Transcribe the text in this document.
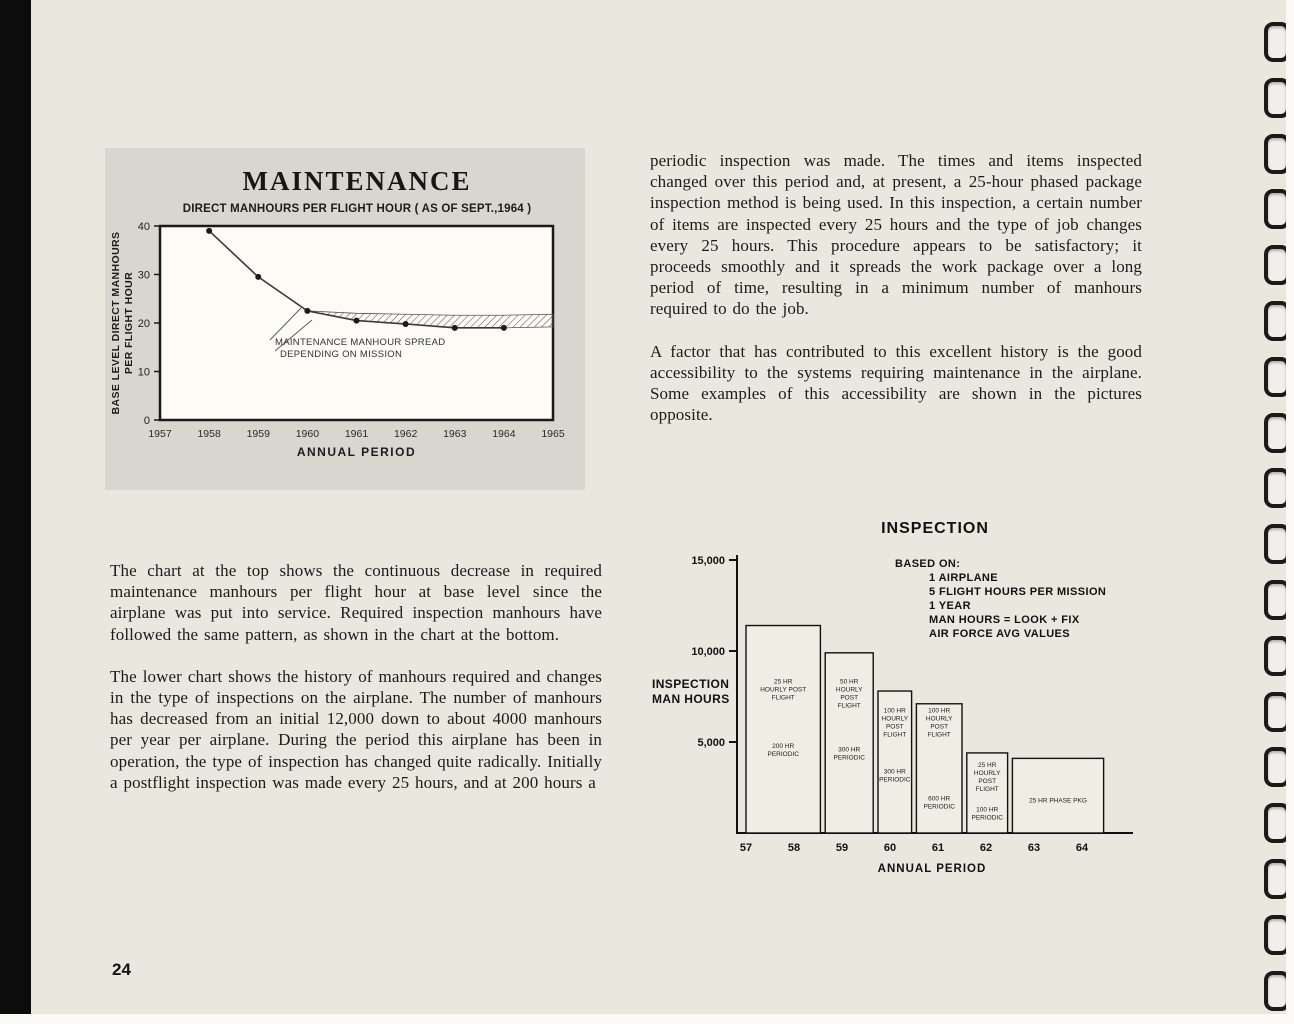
MAINTENANCE
DIRECT MANHOURS PER FLIGHT HOUR ( AS OF SEPT.,1964 )
0
10
20
30
40
1957 1958 1959 1960 1961 1962 1963 1964 1965
ANNUAL PERIOD
BASE LEVEL DIRECT MANHOURS PER FLIGHT HOUR	MAINTENANCE MANHOUR SPREAD
DEPENDING ON MISSION

periodic inspection was made. The times and items inspected changed over this period and, at present, a 25-hour phased package inspection method is being used. In this inspection, a certain number of items are inspected every 25 hours and the type of job changes every 25 hours. This procedure appears to be satisfactory; it proceeds smoothly and it spreads the work package over a long period of time, resulting in a minimum number of manhours required to do the job.

A factor that has contributed to this excellent history is the good accessibility to the systems requiring maintenance in the airplane. Some examples of this accessibility are shown in the pictures opposite.

The chart at the top shows the continuous decrease in required maintenance manhours per flight hour at base level since the airplane was put into service. Required inspection manhours have followed the same pattern, as shown in the chart at the bottom.

The lower chart shows the history of manhours required and changes in the type of inspections on the airplane. The number of manhours has decreased from an initial 12,000 down to about 4000 manhours per year per airplane. During the period this airplane has been in operation, the type of inspection has changed quite radically. Initially a postflight inspection was made every 25 hours, and at 200 hours a

INSPECTION
15,000
10,000
5,000
57	58	59	60	61	62	63	64
ANNUAL PERIOD
INSPECTION
MAN HOURS
BASED ON:
1 AIRPLANE
5 FLIGHT HOURS PER MISSION
1 YEAR
MAN HOURS = LOOK + FIX
AIR FORCE AVG VALUES
25 HR
HOURLY POST
FLIGHT
200 HR
PERIODIC
50 HR
HOURLY
POST
FLIGHT
300 HR
PERIODIC
100 HR
HOURLY
POST
FLIGHT
300 HR
PERIODIC
100 HR
HOURLY
POST
FLIGHT
600 HR
PERIODIC
25 HR
HOURLY
POST
FLIGHT
100 HR
PERIODIC
25 HR PHASE PKG
24
